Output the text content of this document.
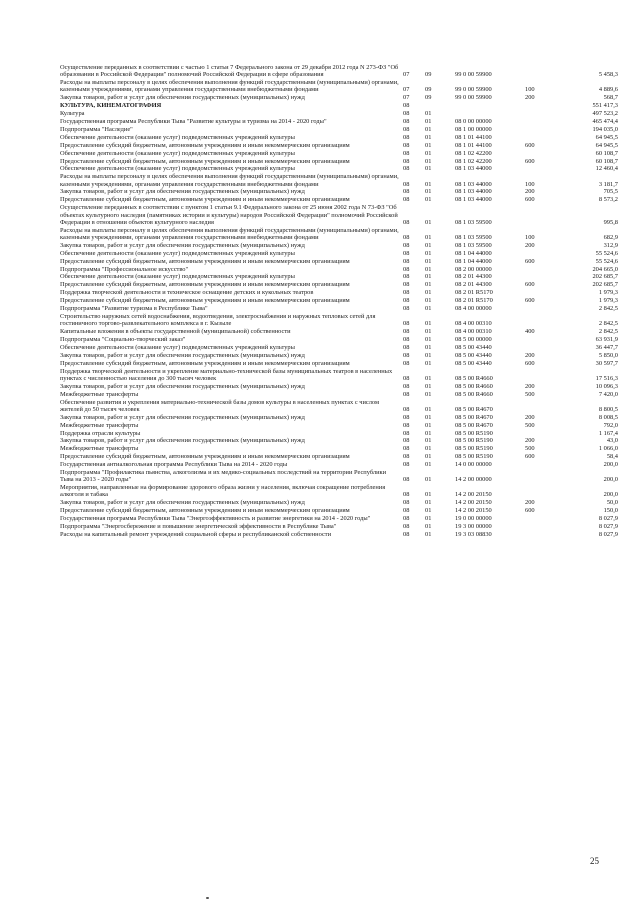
Осуществление переданных в соответствии с частью 1 статьи 7 Федерального закона от 29 декабря 2012 года N 273-ФЗ "Об образовании в Российской Федерации" полномочий Российской Федерации в сфере образования	07	09	99 0 00 59900		5 458,3
Расходы на выплаты персоналу в целях обеспечения выполнения функций государственными (муниципальными) органами, казенными учреждениями, органами управления государственными внебюджетными фондами	07	09	99 0 00 59900	100	4 889,6
Закупка товаров, работ и услуг для обеспечения государственных (муниципальных) нужд	07	09	99 0 00 59900	200	568,7
КУЛЬТУРА, КИНЕМАТОГРАФИЯ	08				551 417,3
Культура	08	01			497 523,2
Государственная программа Республики Тыва "Развитие культуры и туризма на 2014 - 2020 годы"	08	01	08 0 00 00000		465 474,4
Подпрограмма "Наследие"	08	01	08 1 00 00000		194 035,0
Обеспечение деятельности (оказание услуг) подведомственных учреждений культуры	08	01	08 1 01 44100		64 945,5
Предоставление субсидий бюджетным, автономным учреждениям и иным некоммерческим организациям	08	01	08 1 01 44100	600	64 945,5
Обеспечение деятельности (оказание услуг) подведомственных учреждений культуры	08	01	08 1 02 42200		60 108,7
Предоставление субсидий бюджетным, автономным учреждениям и иным некоммерческим организациям	08	01	08 1 02 42200	600	60 108,7
Обеспечение деятельности (оказание услуг) подведомственных учреждений культуры	08	01	08 1 03 44000		12 460,4
Расходы на выплаты персоналу в целях обеспечения выполнения функций государственными (муниципальными) органами, казенными учреждениями, органами управления государственными внебюджетными фондами	08	01	08 1 03 44000	100	3 181,7
Закупка товаров, работ и услуг для обеспечения государственных (муниципальных) нужд	08	01	08 1 03 44000	200	705,5
Предоставление субсидий бюджетным, автономным учреждениям и иным некоммерческим организациям	08	01	08 1 03 44000	600	8 573,2
Осуществление переданных в соответствии с пунктом 1 статьи 9.1 Федерального закона от 25 июня 2002 года N 73-ФЗ "Об объектах культурного наследия (памятниках истории и культуры) народов Российской Федерации" полномочий Российской Федерации в отношении объектов культурного наследия	08	01	08 1 03 59500		995,8
Расходы на выплаты персоналу в целях обеспечения выполнения функций государственными (муниципальными) органами, казенными учреждениями, органами управления государственными внебюджетными фондами	08	01	08 1 03 59500	100	682,9
Закупка товаров, работ и услуг для обеспечения государственных (муниципальных) нужд	08	01	08 1 03 59500	200	312,9
Обеспечение деятельности (оказание услуг) подведомственных учреждений культуры	08	01	08 1 04 44000		55 524,6
Предоставление субсидий бюджетным, автономным учреждениям и иным некоммерческим организациям	08	01	08 1 04 44000	600	55 524,6
Подпрограмма "Профессиональное искусство"	08	01	08 2 00 00000		204 665,0
Обеспечение деятельности (оказание услуг) подведомственных учреждений культуры	08	01	08 2 01 44300		202 685,7
Предоставление субсидий бюджетным, автономным учреждениям и иным некоммерческим организациям	08	01	08 2 01 44300	600	202 685,7
Поддержка творческой деятельности и техническое оснащение детских и кукольных театров	08	01	08 2 01 R5170		1 979,3
Предоставление субсидий бюджетным, автономным учреждениям и иным некоммерческим организациям	08	01	08 2 01 R5170	600	1 979,3
Подпрограмма "Развитие туризма в Республике Тыва"	08	01	08 4 00 00000		2 842,5
Строительство наружных сетей водоснабжения, водоотведения, электроснабжения и наружных тепловых сетей для гостиничного торгово-развлекательного комплекса в г. Кызыле	08	01	08 4 00 00310		2 842,5
Капитальные вложения в объекты государственной (муниципальной) собственности	08	01	08 4 00 00310	400	2 842,5
Подпрограмма "Социально-творческий заказ"	08	01	08 5 00 00000		63 931,9
Обеспечение деятельности (оказание услуг) подведомственных учреждений культуры	08	01	08 5 00 43440		36 447,7
Закупка товаров, работ и услуг для обеспечения государственных (муниципальных) нужд	08	01	08 5 00 43440	200	5 850,0
Предоставление субсидий бюджетным, автономным учреждениям и иным некоммерческим организациям	08	01	08 5 00 43440	600	30 597,7
Поддержка творческой деятельности и укрепление материально-технической базы муниципальных театров в населенных пунктах с численностью населения до 300 тысяч человек	08	01	08 5 00 R4660		17 516,3
Закупка товаров, работ и услуг для обеспечения государственных (муниципальных) нужд	08	01	08 5 00 R4660	200	10 096,3
Межбюджетные трансферты	08	01	08 5 00 R4660	500	7 420,0
Обеспечение развития и укрепления материально-технической базы домов культуры в населенных пунктах с числом жителей до 50 тысяч человек	08	01	08 5 00 R4670		8 800,5
Закупка товаров, работ и услуг для обеспечения государственных (муниципальных) нужд	08	01	08 5 00 R4670	200	8 008,5
Межбюджетные трансферты	08	01	08 5 00 R4670	500	792,0
Поддержка отрасли культуры	08	01	08 5 00 R5190		1 167,4
Закупка товаров, работ и услуг для обеспечения государственных (муниципальных) нужд	08	01	08 5 00 R5190	200	43,0
Межбюджетные трансферты	08	01	08 5 00 R5190	500	1 066,0
Предоставление субсидий бюджетным, автономным учреждениям и иным некоммерческим организациям	08	01	08 5 00 R5190	600	58,4
Государственная антиалкогольная программа Республики Тыва на 2014 - 2020 годы	08	01	14 0 00 00000		200,0
Подпрограмма "Профилактика пьянства, алкоголизма и их медико-социальных последствий на территории Республики Тыва на 2013 - 2020 годы"	08	01	14 2 00 00000		200,0
Мероприятия, направленные на формирование здорового образа жизни у населения, включая сокращение потребления алкоголя и табака	08	01	14 2 00 20150		200,0
Закупка товаров, работ и услуг для обеспечения государственных (муниципальных) нужд	08	01	14 2 00 20150	200	50,0
Предоставление субсидий бюджетным, автономным учреждениям и иным некоммерческим организациям	08	01	14 2 00 20150	600	150,0
Государственная программа Республики Тыва "Энергоэффективность и развитие энергетики на 2014 - 2020 годы"	08	01	19 0 00 00000		8 027,9
Подпрограмма "Энергосбережение и повышение энергетической эффективности в Республике Тыва"	08	01	19 3 00 00000		8 027,9
Расходы на капитальный ремонт учреждений социальной сферы и республиканской собственности	08	01	19 3 03 08830		8 027,9
25
